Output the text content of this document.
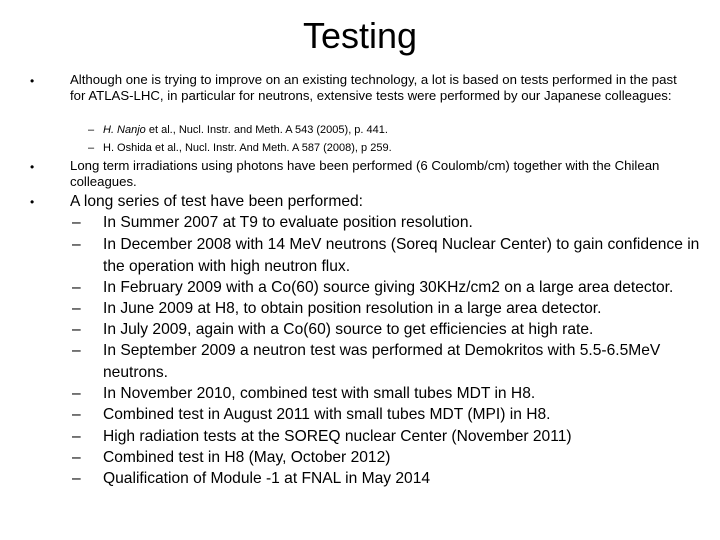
Testing
•	Although one is trying to improve on an existing technology, a lot is based on tests performed in the past for ATLAS-LHC, in particular for neutrons, extensive tests were performed by our Japanese colleagues:
– H. Nanjo et al., Nucl. Instr. and Meth. A 543 (2005), p. 441.
– H. Oshida et al., Nucl. Instr. And Meth. A 587 (2008), p 259.
•	Long term irradiations using photons have been performed (6 Coulomb/cm) together with the Chilean colleagues.
• A long series of test have been performed:
– In Summer 2007 at T9 to evaluate position resolution.
– In December 2008 with 14 MeV neutrons (Soreq Nuclear Center) to gain confidence in the operation with high neutron flux.
– In February 2009 with a Co(60) source giving 30KHz/cm2 on a large area detector.
– In June 2009 at H8, to obtain position resolution in a large area detector.
– In July 2009, again with a Co(60) source to get efficiencies at high rate.
– In September 2009 a neutron test was performed at Demokritos with 5.5-6.5MeV neutrons.
– In November 2010, combined test with small tubes MDT in H8.
– Combined test in August 2011 with small tubes MDT (MPI) in H8.
– High radiation tests at the SOREQ nuclear Center (November 2011)
– Combined test in H8 (May, October 2012)
– Qualification of Module -1 at FNAL in May 2014
